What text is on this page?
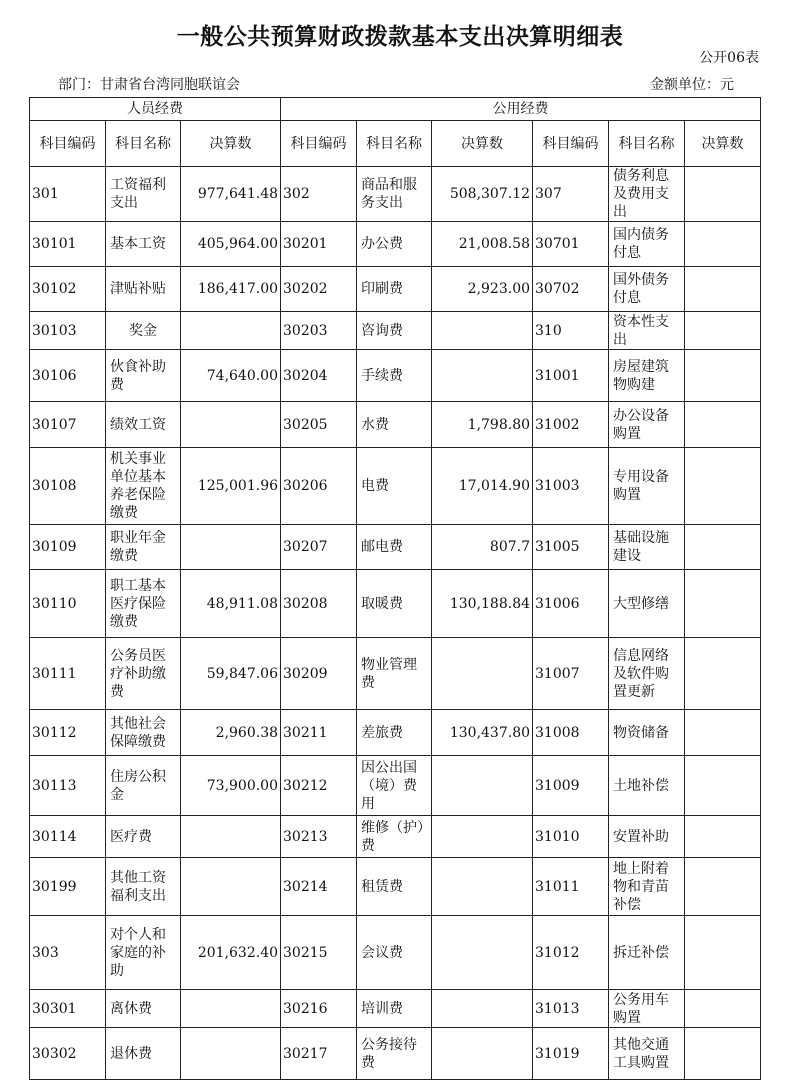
一般公共预算财政拨款基本支出决算明细表
公开06表
部门：甘肃省台湾同胞联谊会	金额单位：元
人员经费			公用经费					
科目编码	科目名称	决算数	科目编码	科目名称	决算数	科目编码	科目名称	决算数
301	工资福利支出	977,641.48	302	商品和服务支出	508,307.12	307	债务利息及费用支出	
30101	基本工资	405,964.00	30201	办公费	21,008.58	30701	国内债务付息	
30102	津贴补贴	186,417.00	30202	印刷费	2,923.00	30702	国外债务付息	
30103	奖金		30203	咨询费		310	资本性支出	
30106	伙食补助费	74,640.00	30204	手续费		31001	房屋建筑物购建	
30107	绩效工资		30205	水费	1,798.80	31002	办公设备购置	
30108	机关事业单位基本养老保险缴费	125,001.96	30206	电费	17,014.90	31003	专用设备购置	
30109	职业年金缴费		30207	邮电费	807.7	31005	基础设施建设	
30110	职工基本医疗保险缴费	48,911.08	30208	取暖费	130,188.84	31006	大型修缮	
30111	公务员医疗补助缴费	59,847.06	30209	物业管理费		31007	信息网络及软件购置更新	
30112	其他社会保障缴费	2,960.38	30211	差旅费	130,437.80	31008	物资储备	
30113	住房公积金	73,900.00	30212	因公出国（境）费用		31009	土地补偿	
30114	医疗费		30213	维修（护）费		31010	安置补助	
30199	其他工资福利支出		30214	租赁费		31011	地上附着物和青苗补偿	
303	对个人和家庭的补助	201,632.40	30215	会议费		31012	拆迁补偿	
30301	离休费		30216	培训费		31013	公务用车购置	
30302	退休费		30217	公务接待费		31019	其他交通工具购置	
